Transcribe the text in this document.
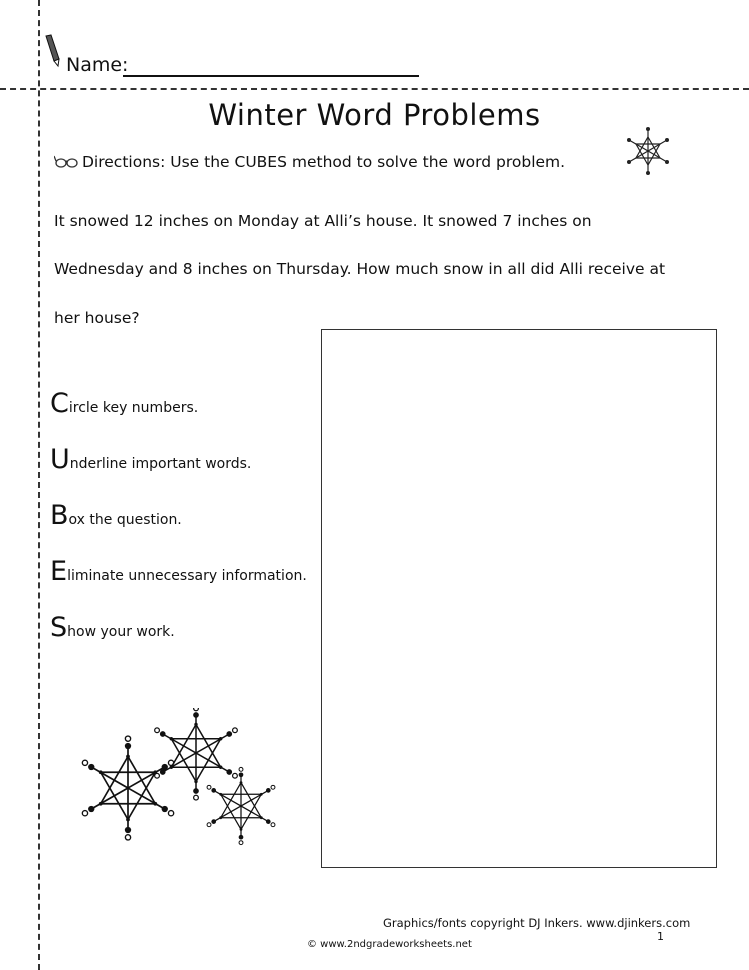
Name:
Winter Word Problems
Directions: Use the CUBES method to solve the word problem.
It snowed 12 inches on Monday at Alli’s house. It snowed 7 inches on
Wednesday and 8 inches on Thursday. How much snow in all did Alli receive at
her house?
C ircle key numbers.
U nderline important words.
B ox the question.
E liminate unnecessary information.
S how your work.
Graphics/fonts copyright DJ Inkers. www.djinkers.com
1
© www.2ndgradeworksheets.net
